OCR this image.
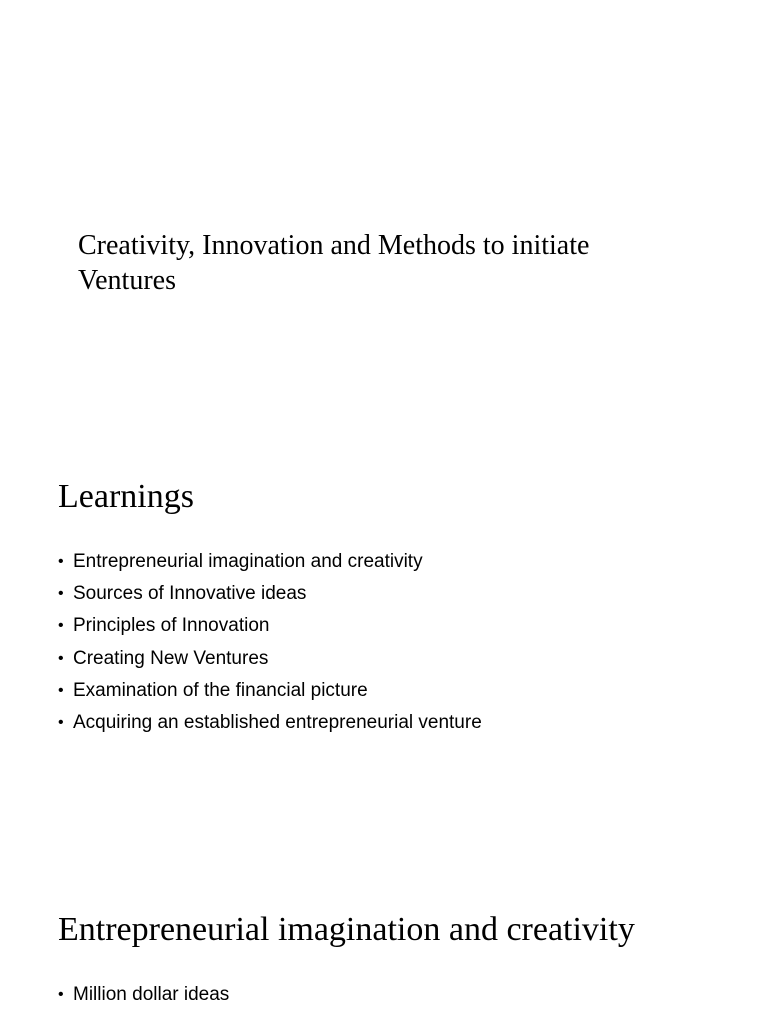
Creativity, Innovation and Methods to initiate Ventures
Learnings
• Entrepreneurial imagination and creativity
• Sources of Innovative ideas
• Principles of Innovation
• Creating New Ventures
• Examination of the financial picture
• Acquiring an established entrepreneurial venture
Entrepreneurial imagination and creativity
• Million dollar ideas
